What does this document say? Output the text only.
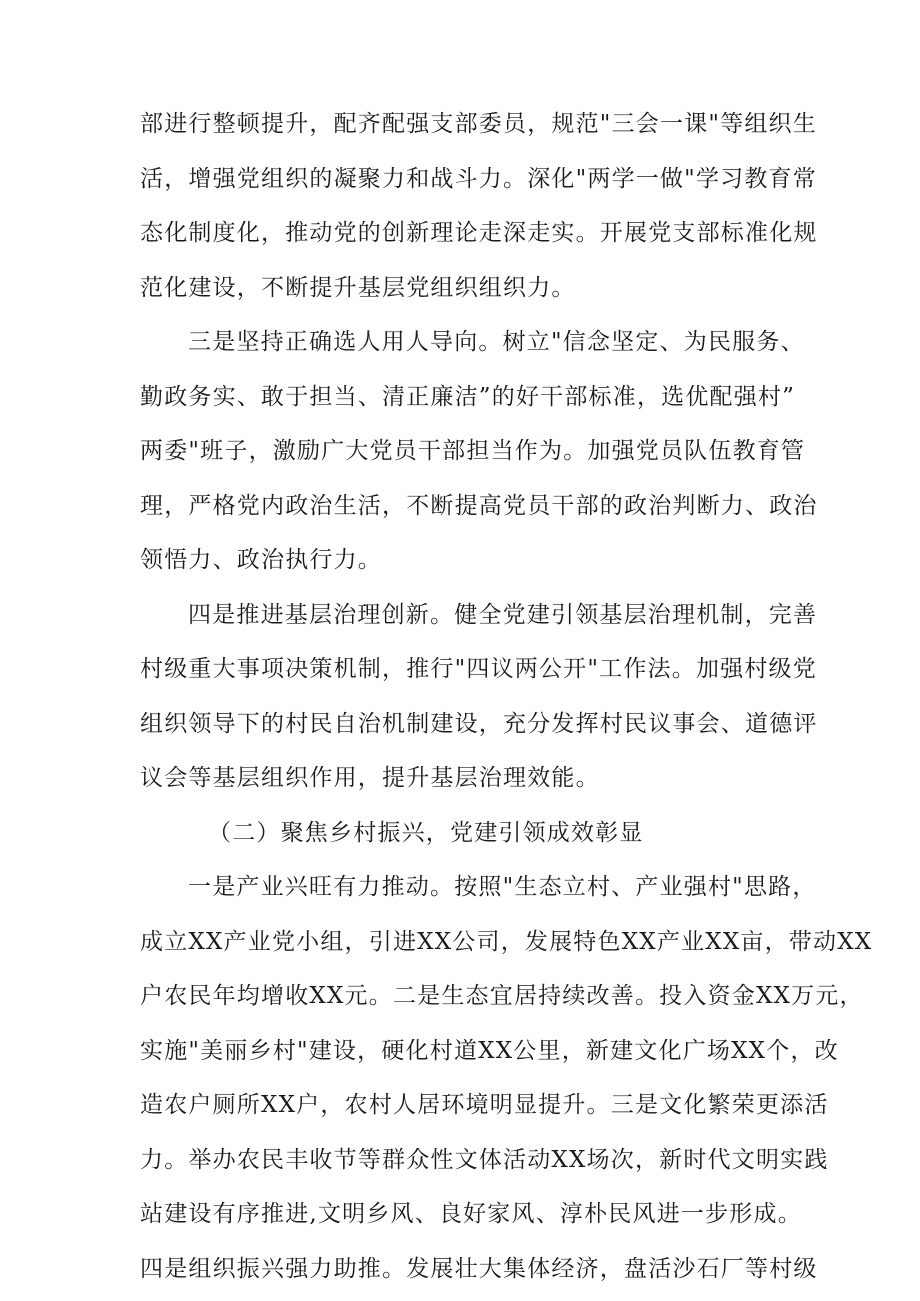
部进行整顿提升，配齐配强支部委员，规范"三会一课"等组织生
活，增强党组织的凝聚力和战斗力。深化"两学一做"学习教育常
态化制度化，推动党的创新理论走深走实。开展党支部标准化规
范化建设，不断提升基层党组织组织力。
三是坚持正确选人用人导向。树立"信念坚定、为民服务、
勤政务实、敢于担当、清正廉洁”的好干部标准，选优配强村”
两委"班子，激励广大党员干部担当作为。加强党员队伍教育管
理，严格党内政治生活，不断提高党员干部的政治判断力、政治
领悟力、政治执行力。
四是推进基层治理创新。健全党建引领基层治理机制，完善
村级重大事项决策机制，推行"四议两公开"工作法。加强村级党
组织领导下的村民自治机制建设，充分发挥村民议事会、道德评
议会等基层组织作用，提升基层治理效能。
（二）聚焦乡村振兴，党建引领成效彰显
一是产业兴旺有力推动。按照"生态立村、产业强村"思路，
成立XX产业党小组，引进XX公司，发展特色XX产业XX亩，带动XX
户农民年均增收XX元。二是生态宜居持续改善。投入资金XX万元，
实施"美丽乡村"建设，硬化村道XX公里，新建文化广场XX个，改
造农户厕所XX户，农村人居环境明显提升。三是文化繁荣更添活
力。举办农民丰收节等群众性文体活动XX场次，新时代文明实践
站建设有序推进,文明乡风、良好家风、淳朴民风进一步形成。
四是组织振兴强力助推。发展壮大集体经济，盘活沙石厂等村级
